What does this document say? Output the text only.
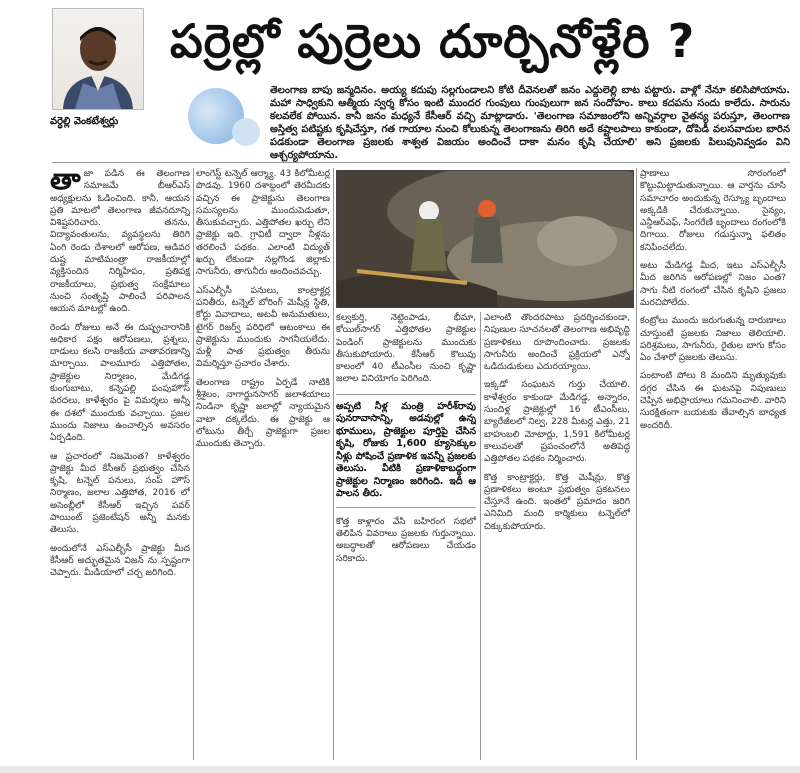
వర్ధెల్లి వెంకటేశ్వర్లు
పర్రెల్లో పుర్రెలు దూర్చినోళ్లేరి ?
తెలంగాణ బాపు జన్మదినం. అయ్య కదుపు సల్లగుండాలని కోటి దీవెనలతో జనం ఎద్దులెల్లి బాట పట్టారు. వాళ్లో నేనూ కలిసిపోయాను. మహా సాధ్వికుని ఆత్మీయ స్వర్శ కోసం ఇంటి ముందర గుంపులు గుంపులుగా జన సందోహం. కాలు కదపను సందు కాలేదు. సారును కలవలేక పోయిన. కానీ జనం మధ్యనే కేసీఆర్ వచ్చి మాట్లాడారు. 'తెలంగాణ సమాజంలోని అన్నివర్గాల వైతన్య పరుస్తూ, తెలంగాణ అస్తిత్వ పటిష్టకు కృషిచేస్తూ, గత గాయాల నుంచి కోలుకున్న తెలంగాణను తిరిగి అదే కష్టాలపాలు కాకుండా, దోపిడీ వలసవాదుల బారిన పడకుండా తెలంగాణ ప్రజలకు శాశ్వత విజయం అందించే దాకా మనం కృషి చేయాలి' అని ప్రజలకు పిలుపునివ్వడం విని ఆశ్చర్యపోయాను.
తా జా పడిన ఈ తెలంగాణ సమాజమే బీఆర్‌ఎస్ అధ్యక్షులను ఓడించింది. కానీ, ఆయన ప్రతి మాటలో తెలంగాణ జీవనదూన్ని విశిష్టపరిచారు. తనను, విద్యావంతులను, వ్యవస్థలను తిరిగి ఏంగి రెండు దేశాలలో ఆరోపణ, ఆడివర దుష్ట మాటిమంత్రా రాజకీయాల్లో వ్యక్తిసందిన నిర్మిహేపం, ప్రతిపక్ష రాజకీయాలు, ప్రభుత్వ సంక్షేమాలు నుంచి సంతృప్తి పాలించే పరిపాలన ఆయన మాటల్లో ఉంది.

రెండు రోజులు అనే ఈ దుష్ప్రచారానికి అధికార పక్షం ఆరోపణలు, ప్రశ్నలు, దాడులు కలసి రాజకీయ వాతావరణాన్ని మార్చాయి. పాలమూరు ఎత్తిపోతల, ప్రాజెక్టుల నిర్మాణం, మేడిగడ్డ కుంగుబాటు, కన్నెపల్లి పంపుహౌస్ వరదలు, కాళేశ్వరం పై విమర్శలు అన్నీ ఈ దశలో ముందుకు వచ్చాయి. ప్రజల ముందు నిజాలు ఉంచాల్సిన అవసరం ఏర్పడింది.

ఆ ప్రచారంలో నిజమెంత? కాళేశ్వరం ప్రాజెక్టు మీద కేసీఆర్ ప్రభుత్వం చేసిన కృషి, టన్నెల్ పనులు, సంప్ హౌస్ నిర్మాణం, జలాల ఎత్తిపోత, 2016 లో అసెంబ్లీలో కేసీఆర్ ఇచ్చిన పవర్ పాయింట్ ప్రజెంటేషన్ అన్నీ మనకు తెలుసు.

అందులోనే ఎస్ఎల్బీసీ ప్రాజెక్టు మీద కేసీఆర్ అద్భుతమైన విజన్ ను స్పష్టంగా చెప్పారు. మీడియాలో చర్చ జరిగింది.

లాంగెస్ట్ టన్నెల్ ఆర్మ్యా. 43 కిలోమీటర్ల పొడవు. 1960 దశాబ్దంలో తెరమీదకు వచ్చిన ఈ ప్రాజెక్టును తెలంగాణ సమస్యలను ముందుపెడుతూ, తీసుకువచ్చారు. ఎత్తిపోతల ఖర్చు లేని ప్రాజెక్టు ఇది. గ్రావిటీ ద్వారా నీళ్లను తరలించే పథకం. ఎలాంటి విద్యుత్ ఖర్చు లేకుండా నల్లగొండ జిల్లాకు సాగునీరు, తాగునీరు అందించవచ్చు.

ఎస్ఎల్బీసీ పనులు, కాంట్రాక్టర్ల పనితీరు, టన్నెల్ బోరింగ్ మెషీన్ల స్థితి, కోర్టు వివాదాలు, అటవీ అనుమతులు, టైగర్ రిజర్వ్ పరిధిలో ఆటంకాలు ఈ ప్రాజెక్టును ముందుకు సాగనీయలేదు. మళ్లీ పాత ప్రభుత్వం తీరును విమర్శిస్తూ ప్రచారం చేశారు.

తెలంగాణ రాష్ట్రం ఏర్పడే నాటికి శ్రీశైలం, నాగార్జునసాగర్ జలాశయాలు నిండినా కృష్ణా జలాల్లో న్యాయమైన వాటా దక్కలేదు. ఈ ప్రాజెక్టు ఆ లోటును తీర్చే ప్రాజెక్టుగా ప్రజల ముందుకు తెచ్చారు.

కల్వకుర్తి, నెట్టెంపాడు, భీమా, కోయిల్‌సాగర్ ఎత్తిపోతల ప్రాజెక్టుల పెండింగ్ ప్రాజెక్టులను ముందుకు తీసుకుపోయారు. కేసీఆర్ కొలువు కాలంలో 40 టీఎంసీల నుంచి కృష్ణా జలాల వినియోగం పెరిగింది.

అప్పటి నీళ్ల మంత్రి హరీశ్‌రావు పునరావాసాన్ని, అడవుల్లో ఉన్న భూములు, ప్రాజెక్టుల పూర్తిపై చేసిన కృషి, రోజుకు 1,600 క్యూసెక్కుల నీళ్లు పోషించే ప్రణాళిక ఇవన్నీ ప్రజలకు తెలుసు. వీటికి ప్రణాళికాబద్ధంగా ప్రాజెక్టుల నిర్మాణం జరిగింది. ఇదీ ఆ పాలన తీరు.

కొత్త కాళ్లారం వేసి బహిరంగ సభలో తెలిపిన వివరాలు ప్రజలకు గుర్తున్నాయి. అబద్ధాలతో ఆరోపణలు చేయడం సరికాదు.

ఎలాంటి తొందరపాటు ప్రదర్శించకుండా, నిపుణుల సూచనలతో తెలంగాణ అభివృద్ధి ప్రణాళికలు రూపొందించారు. ప్రజలకు సాగునీరు అందించే ప్రక్రియలో ఎన్నో ఒడిదుడుకులు ఎదురయ్యాయి.

ఇక్కడో సంఘటన గుర్తు చేయాలి. కాళేశ్వరం కాకుండా మేడిగడ్డ, అన్నారం, సుందిళ్ల ప్రాజెక్టుల్లో 16 టీఎంసీలు, బ్యారేజీలలో నిల్వ, 228 మీటర్ల ఎత్తు, 21 బాహుబలి మోటార్లు, 1,591 కిలోమీటర్ల కాలువలతో ప్రపంచంలోనే అతిపెద్ద ఎత్తిపోతల పథకం నిర్మించారు.

కొత్త కాంట్రాక్టర్లు, కొత్త మెషీన్లు, కొత్త ప్రణాళికలు అంటూ ప్రభుత్వం ప్రకటనలు చేస్తూనే ఉంది. ఇంతలో ప్రమాదం జరిగి ఎనిమిది మంది కార్మికులు టన్నెల్‌లో చిక్కుకుపోయారు.

ప్రాణాలు సొరంగంలో కొట్టుమిట్టాడుతున్నాయి. ఆ వార్తను చూసి సమాచారం అందుకున్న రెస్క్యూ బృందాలు అక్కడికి చేరుకున్నాయి. సైన్యం, ఎన్డీఆర్ఎఫ్, సింగరేణి బృందాలు రంగంలోకి దిగాయి. రోజులు గడుస్తున్నా ఫలితం కనిపించలేదు.

అటు మేడిగడ్డ మీద, ఇటు ఎస్ఎల్బీసీ మీద జరిగిన ఆరోపణల్లో నిజం ఎంత? సాగు నీటి రంగంలో చేసిన కృషిని ప్రజలు మరచిపోలేదు.

కంట్రోలు ముందు జరుగుతున్న దారుణాలు చూస్తుంటే ప్రజలకు నిజాలు తెలియాలి. పరిశ్రమలు, సాగునీరు, రైతుల బాగు కోసం ఏం చేశారో ప్రజలకు తెలుసు.

పంటాంటి పోలు 8 మందిని మృత్యువుకు దగ్గర చేసిన ఈ ఘటనపై నిపుణులు చెప్పిన అభిప్రాయాలు గమనించాలి. వారిని సురక్షితంగా బయటకు తేవాల్సిన బాధ్యత అందరిదీ.
